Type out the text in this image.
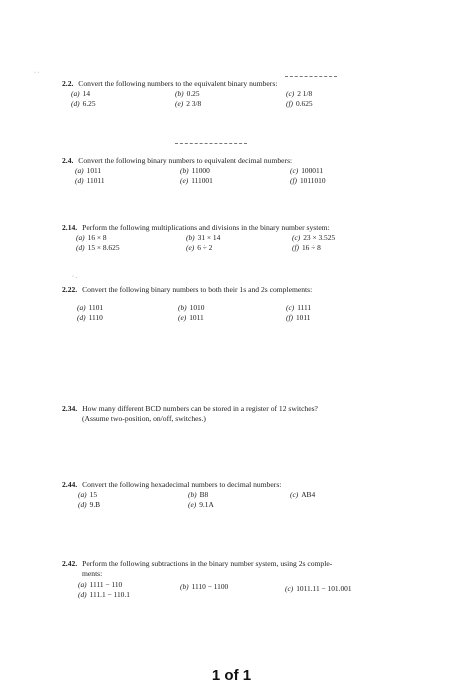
· ·
2.2. Convert the following numbers to the equivalent binary numbers:
(a) 14	(b) 0.25	(c) 2 1/8
(d) 6.25	(e) 2 3/8	(f) 0.625
2.4. Convert the following binary numbers to equivalent decimal numbers:
(a) 1011	(b) 11000	(c) 100011
(d) 11011	(e) 111001	(f) 1011010
2.14. Perform the following multiplications and divisions in the binary number system:
(a) 16 × 8	(b) 31 × 14	(c) 23 × 3.525
(d) 15 × 8.625	(e) 6 ÷ 2	(f) 16 ÷ 8
· .
2.22. Convert the following binary numbers to both their 1s and 2s complements:
(a) 1101	(b) 1010	(c) 1111
(d) 1110	(e) 1011	(f) 1011
2.34. How many different BCD numbers can be stored in a register of 12 switches?
(Assume two-position, on/off, switches.)
2.44. Convert the following hexadecimal numbers to decimal numbers:
(a) 15	(b) B8	(c) AB4
(d) 9.B	(e) 9.1A
2.42. Perform the following subtractions in the binary number system, using 2s comple-
ments:
(a) 1111 − 110	(b) 1110 − 1100	(c) 1011.11 − 101.001
(d) 111.1 − 110.1
1 of 1
